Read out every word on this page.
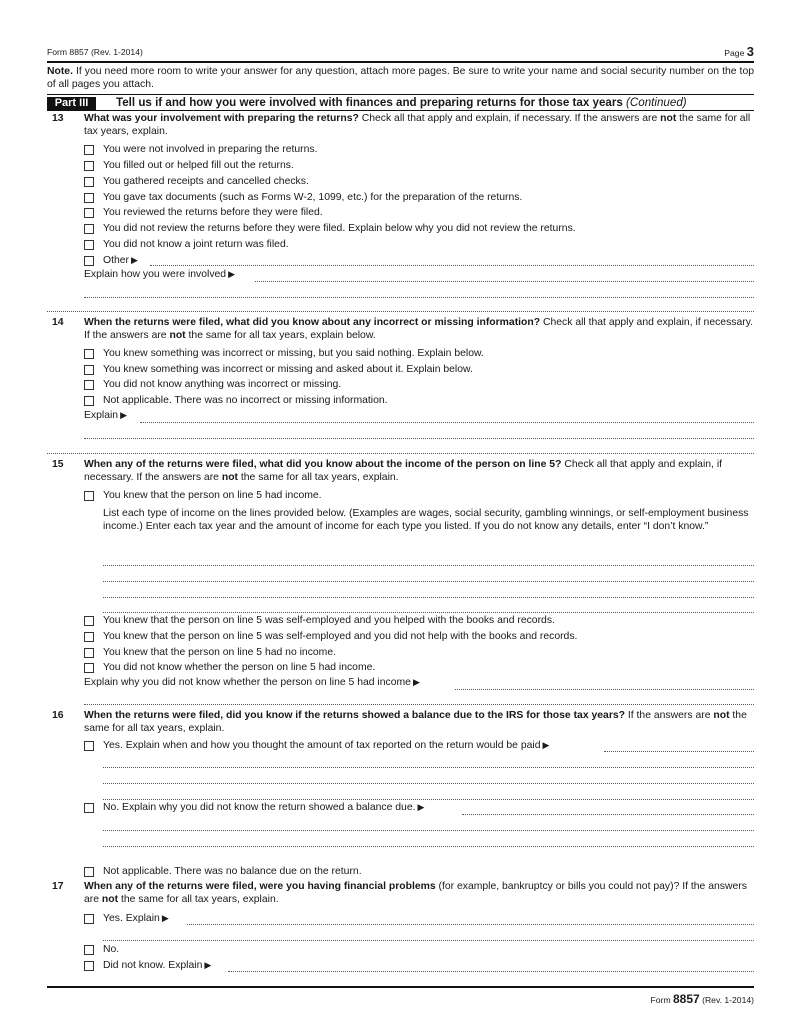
Form 8857 (Rev. 1-2014)	Page 3
Note. If you need more room to write your answer for any question, attach more pages. Be sure to write your name and social security number on the top of all pages you attach.
Part III	Tell us if and how you were involved with finances and preparing returns for those tax years (Continued)
13 What was your involvement with preparing the returns? Check all that apply and explain, if necessary. If the answers are not the same for all tax years, explain.
You were not involved in preparing the returns.
You filled out or helped fill out the returns.
You gathered receipts and cancelled checks.
You gave tax documents (such as Forms W-2, 1099, etc.) for the preparation of the returns.
You reviewed the returns before they were filed.
You did not review the returns before they were filed. Explain below why you did not review the returns.
You did not know a joint return was filed.
Other ▶
Explain how you were involved ▶
14 When the returns were filed, what did you know about any incorrect or missing information? Check all that apply and explain, if necessary. If the answers are not the same for all tax years, explain below.
You knew something was incorrect or missing, but you said nothing. Explain below.
You knew something was incorrect or missing and asked about it. Explain below.
You did not know anything was incorrect or missing.
Not applicable. There was no incorrect or missing information.
Explain ▶
15 When any of the returns were filed, what did you know about the income of the person on line 5? Check all that apply and explain, if necessary. If the answers are not the same for all tax years, explain.
You knew that the person on line 5 had income.
List each type of income on the lines provided below. (Examples are wages, social security, gambling winnings, or self-employment business income.) Enter each tax year and the amount of income for each type you listed. If you do not know any details, enter “I don’t know.”
You knew that the person on line 5 was self-employed and you helped with the books and records.
You knew that the person on line 5 was self-employed and you did not help with the books and records.
You knew that the person on line 5 had no income.
You did not know whether the person on line 5 had income.
Explain why you did not know whether the person on line 5 had income ▶
16 When the returns were filed, did you know if the returns showed a balance due to the IRS for those tax years? If the answers are not the same for all tax years, explain.
Yes. Explain when and how you thought the amount of tax reported on the return would be paid ▶
No. Explain why you did not know the return showed a balance due. ▶
Not applicable. There was no balance due on the return.
17 When any of the returns were filed, were you having financial problems (for example, bankruptcy or bills you could not pay)? If the answers are not the same for all tax years, explain.
Yes. Explain ▶
No.
Did not know. Explain ▶
Form 8857 (Rev. 1-2014)
